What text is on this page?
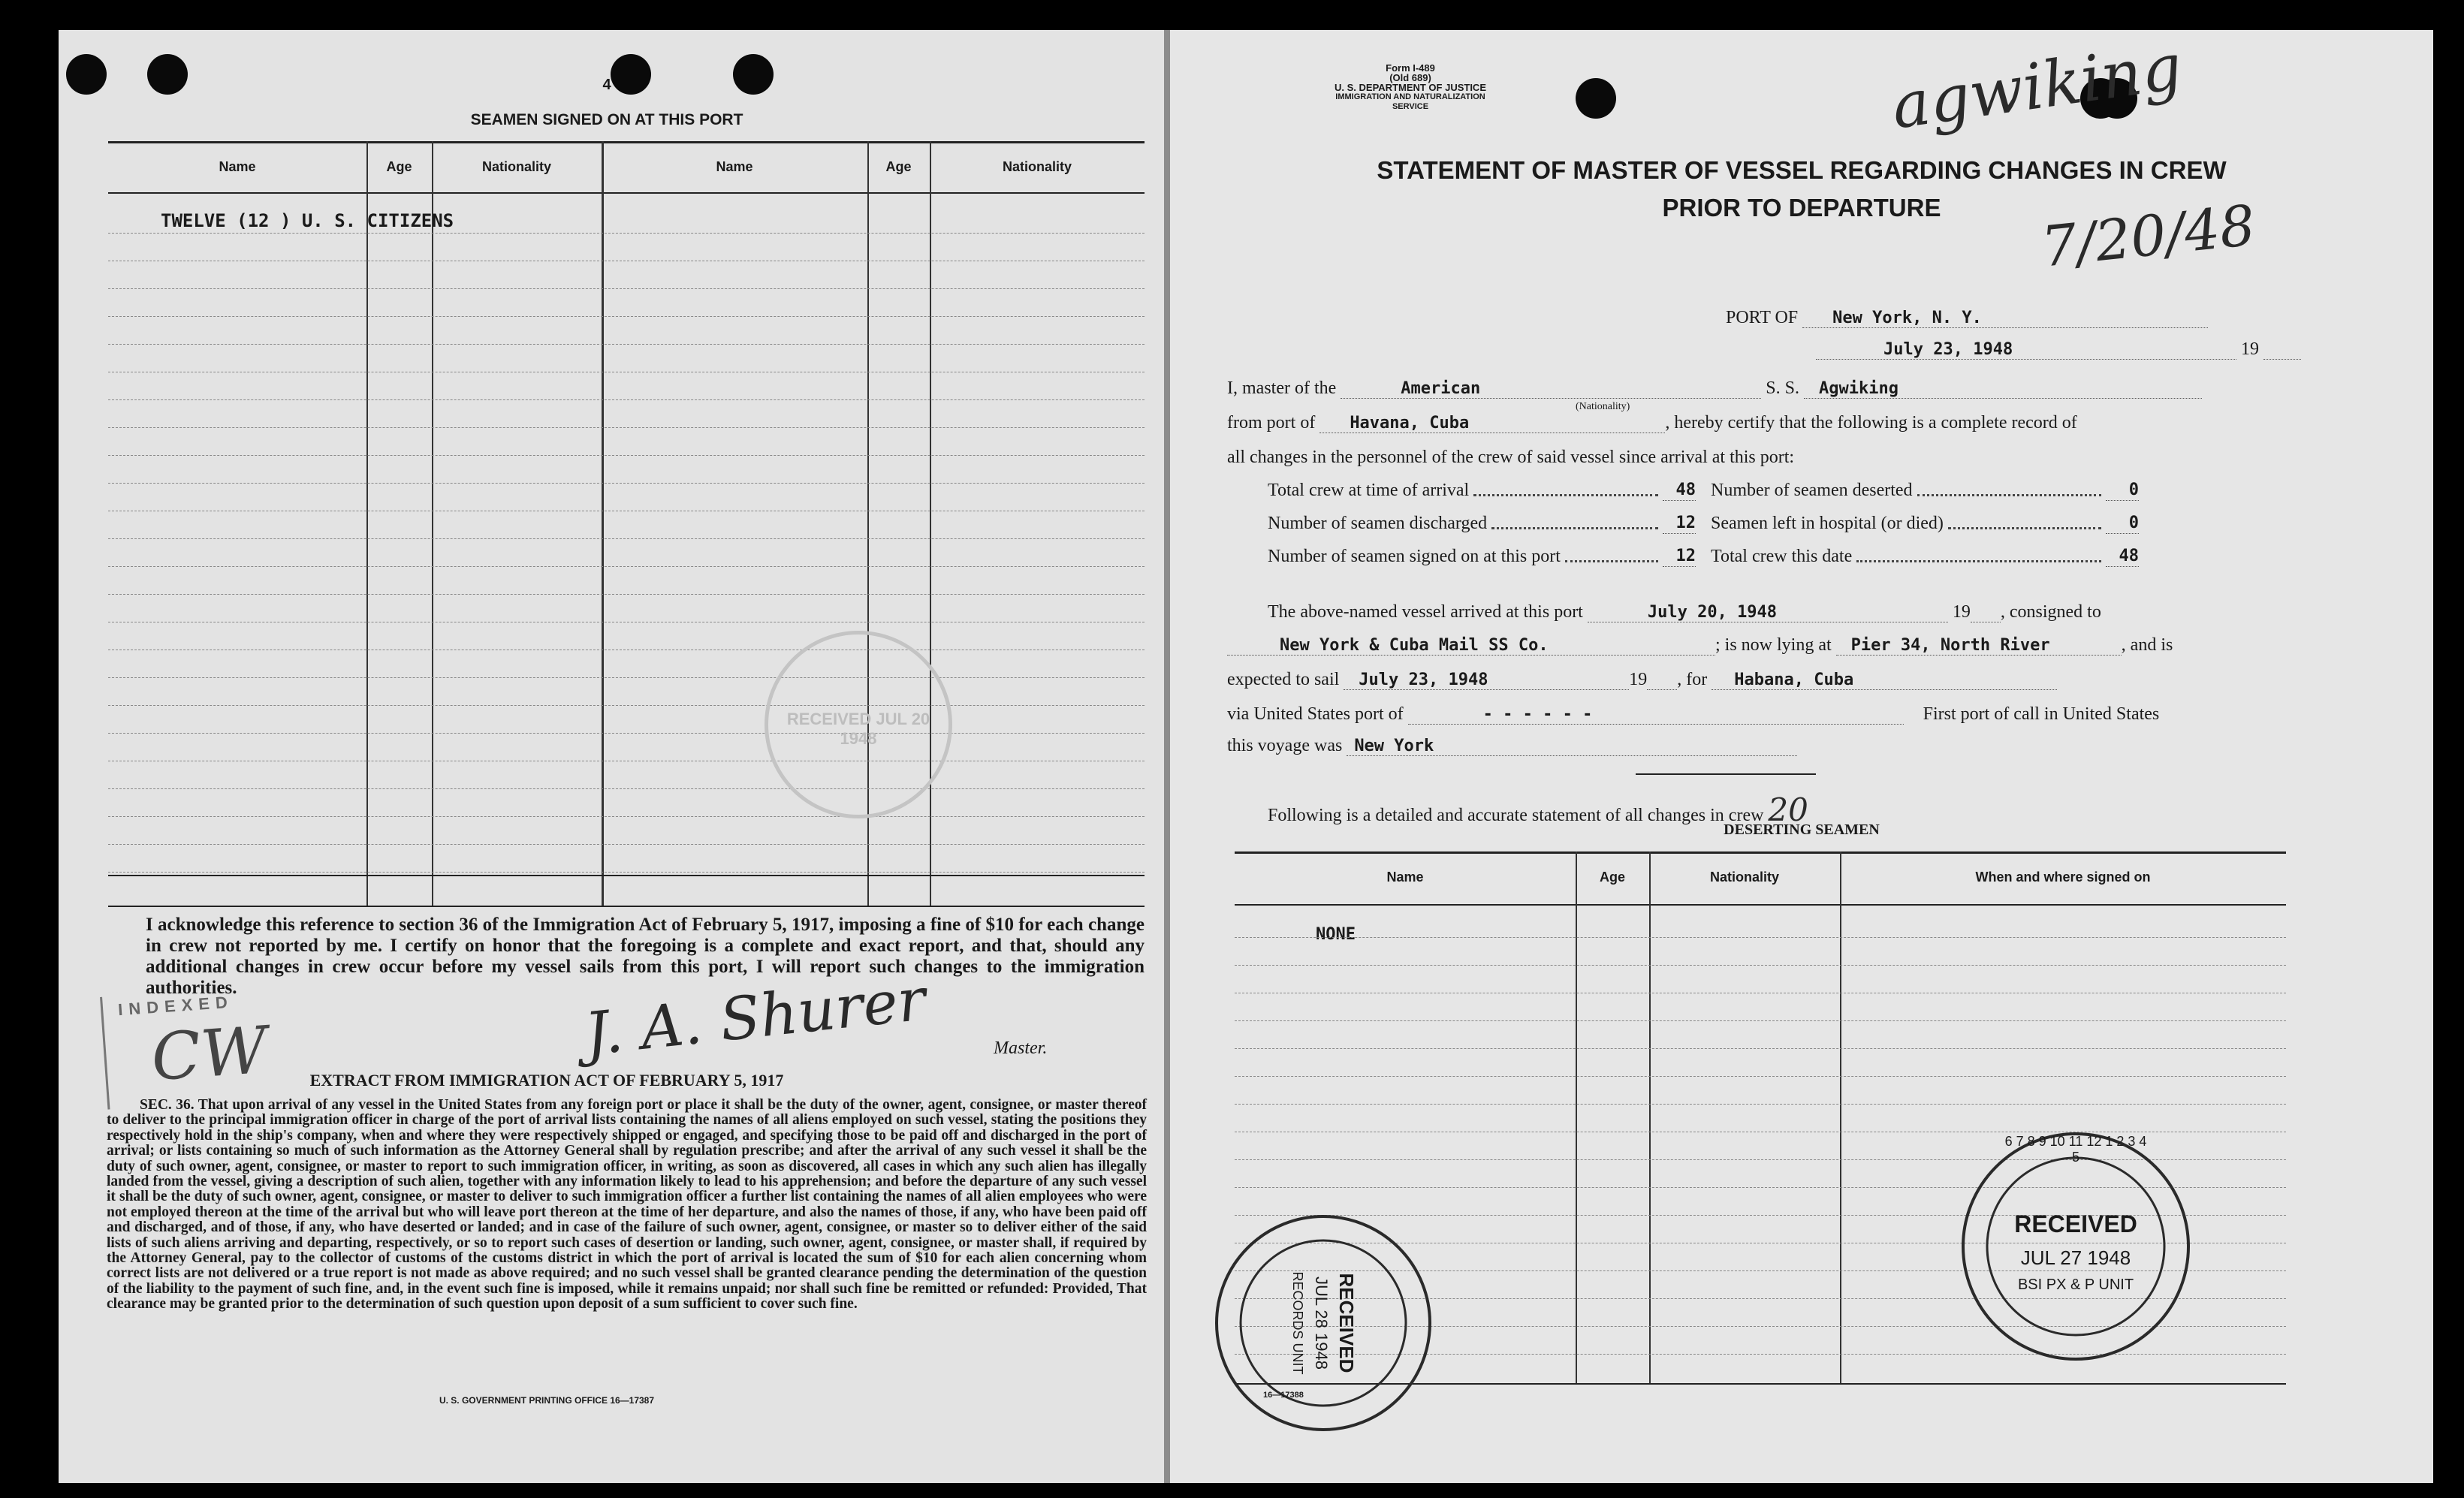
4
SEAMEN SIGNED ON AT THIS PORT
Name	Age	Nationality	Name	Age	Nationality
TWELVE (12 ) U. S. CITIZENS
RECEIVED JUL 20 1948
I acknowledge this reference to section 36 of the Immigration Act of February 5, 1917, imposing a fine of $10 for each change in crew not reported by me. I certify on honor that the foregoing is a complete and exact report, and that, should any additional changes in crew occur before my vessel sails from this port, I will report such changes to the immigration authorities.
INDEXED
CW	J. A. Shurer	Master.
EXTRACT FROM IMMIGRATION ACT OF FEBRUARY 5, 1917
SEC. 36. That upon arrival of any vessel in the United States from any foreign port or place it shall be the duty of the owner, agent, consignee, or master thereof to deliver to the principal immigration officer in charge of the port of arrival lists containing the names of all aliens employed on such vessel, stating the positions they respectively hold in the ship's company, when and where they were respectively shipped or engaged, and specifying those to be paid off and discharged in the port of arrival; or lists containing so much of such information as the Attorney General shall by regulation prescribe; and after the arrival of any such vessel it shall be the duty of such owner, agent, consignee, or master to report to such immigration officer, in writing, as soon as discovered, all cases in which any such alien has illegally landed from the vessel, giving a description of such alien, together with any information likely to lead to his apprehension; and before the departure of any such vessel it shall be the duty of such owner, agent, consignee, or master to deliver to such immigration officer a further list containing the names of all alien employees who were not employed thereon at the time of the arrival but who will leave port thereon at the time of her departure, and also the names of those, if any, who have been paid off and discharged, and of those, if any, who have deserted or landed; and in case of the failure of such owner, agent, consignee, or master so to deliver either of the said lists of such aliens arriving and departing, respectively, or so to report such cases of desertion or landing, such owner, agent, consignee, or master shall, if required by the Attorney General, pay to the collector of customs of the customs district in which the port of arrival is located the sum of $10 for each alien concerning whom correct lists are not delivered or a true report is not made as above required; and no such vessel shall be granted clearance pending the determination of the question of the liability to the payment of such fine, and, in the event such fine is imposed, while it remains unpaid; nor shall such fine be remitted or refunded: Provided, That clearance may be granted prior to the determination of such question upon deposit of a sum sufficient to cover such fine.
U. S. GOVERNMENT PRINTING OFFICE 16—17387
Form I-489
(Old 689)
U. S. DEPARTMENT OF JUSTICE
IMMIGRATION AND NATURALIZATION SERVICE	agwiking
7/20/48
STATEMENT OF MASTER OF VESSEL REGARDING CHANGES IN CREW
PRIOR TO DEPARTURE
PORT OF New York, N. Y.
July 23, 1948	19
I, master of the	American	S. S. Agwiking
(Nationality)
from port of Havana, Cuba	, hereby certify that the following is a complete record of
all changes in the personnel of the crew of said vessel since arrival at this port:
Total crew at time of arrival	48 Number of seamen deserted	0
Number of seamen discharged	12 Seamen left in hospital (or died)	0
Number of seamen signed on at this port	12 Total crew this date	48
The above-named vessel arrived at this port	July 20, 1948	19 , consigned to
New York & Cuba Mail SS Co.	; is now lying at Pier 34, North River	, and is
expected to sail July 23, 1948	19 , for Habana, Cuba
via United States port of	- - - - - -	First port of call in United States
this voyage was New York
Following is a detailed and accurate statement of all changes in crew 20
DESERTING SEAMEN
Name	Age	Nationality	When and where signed on
NONE
RECEIVED
JUL 27 1948
BSI PX & P UNIT
6 7 8 9 10 11 12 1 2 3 4 5
RECEIVED
JUL 28 1948
RECORDS UNIT
16—17388
